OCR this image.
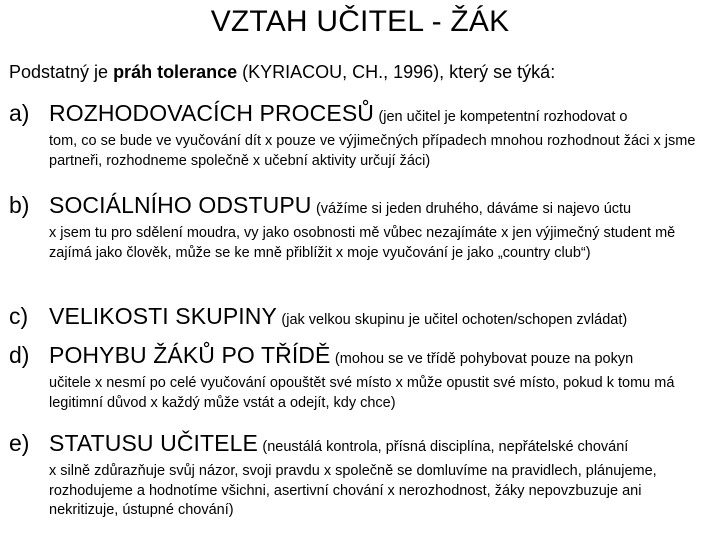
VZTAH UČITEL - ŽÁK
Podstatný je práh tolerance (KYRIACOU, CH., 1996), který se týká:
a) ROZHODOVACÍCH PROCESŮ (jen učitel je kompetentní rozhodovat o
tom, co se bude ve vyučování dít x pouze ve výjimečných případech mnohou rozhodnout žáci x jsme partneři, rozhodneme společně x učební aktivity určují žáci)
b) SOCIÁLNÍHO ODSTUPU (vážíme si jeden druhého, dáváme si najevo úctu
x jsem tu pro sdělení moudra, vy jako osobnosti mě vůbec nezajímáte x jen výjimečný student mě zajímá jako člověk, může se ke mně přiblížit x moje vyučování je jako „country club“)
c) VELIKOSTI SKUPINY (jak velkou skupinu je učitel ochoten/schopen zvládat)
d) POHYBU ŽÁKŮ PO TŘÍDĚ (mohou se ve třídě pohybovat pouze na pokyn
učitele x nesmí po celé vyučování opouštět své místo x může opustit své místo, pokud k tomu má legitimní důvod x každý může vstát a odejít, kdy chce)
e) STATUSU UČITELE (neustálá kontrola, přísná disciplína, nepřátelské chování
x silně zdůrazňuje svůj názor, svoji pravdu x společně se domluvíme na pravidlech, plánujeme, rozhodujeme a hodnotíme všichni, asertivní chování x nerozhodnost, žáky nepovzbuzuje ani nekritizuje, ústupné chování)
